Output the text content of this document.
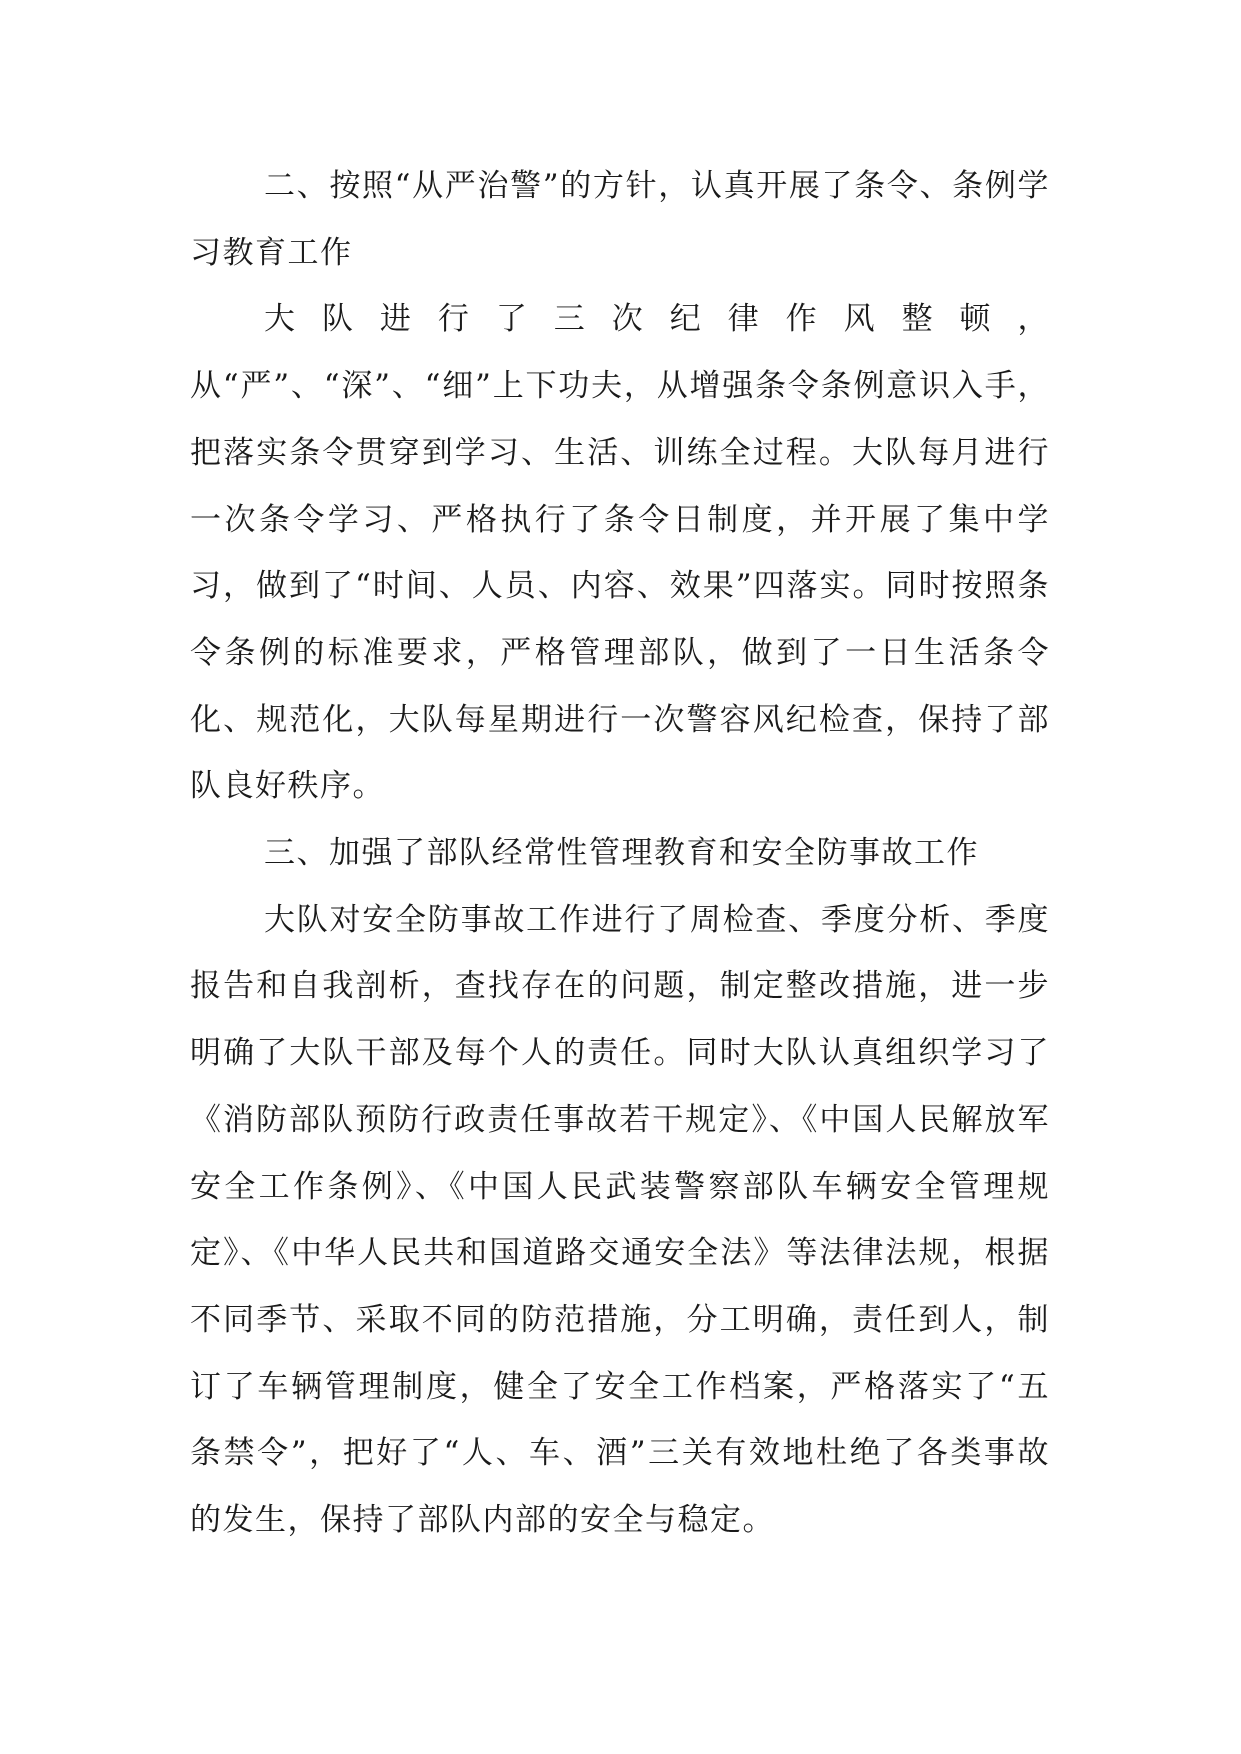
二、按照“从严治警”的方针，认真开展了条令、条例学习教育工作

大队进行了三次纪律作风整顿，从“严”、“深”、“细”上下功夫，从增强条令条例意识入手，把落实条令贯穿到学习、生活、训练全过程。大队每月进行一次条令学习、严格执行了条令日制度，并开展了集中学习，做到了“时间、人员、内容、效果”四落实。同时按照条令条例的标准要求，严格管理部队，做到了一日生活条令化、规范化，大队每星期进行一次警容风纪检查，保持了部队良好秩序。

三、加强了部队经常性管理教育和安全防事故工作

大队对安全防事故工作进行了周检查、季度分析、季度报告和自我剖析，查找存在的问题，制定整改措施，进一步明确了大队干部及每个人的责任。同时大队认真组织学习了《消防部队预防行政责任事故若干规定》、《中国人民解放军安全工作条例》、《中国人民武装警察部队车辆安全管理规定》、《中华人民共和国道路交通安全法》等法律法规，根据不同季节、采取不同的防范措施，分工明确，责任到人，制订了车辆管理制度，健全了安全工作档案，严格落实了“五条禁令”，把好了“人、车、酒”三关有效地杜绝了各类事故的发生，保持了部队内部的安全与稳定。
